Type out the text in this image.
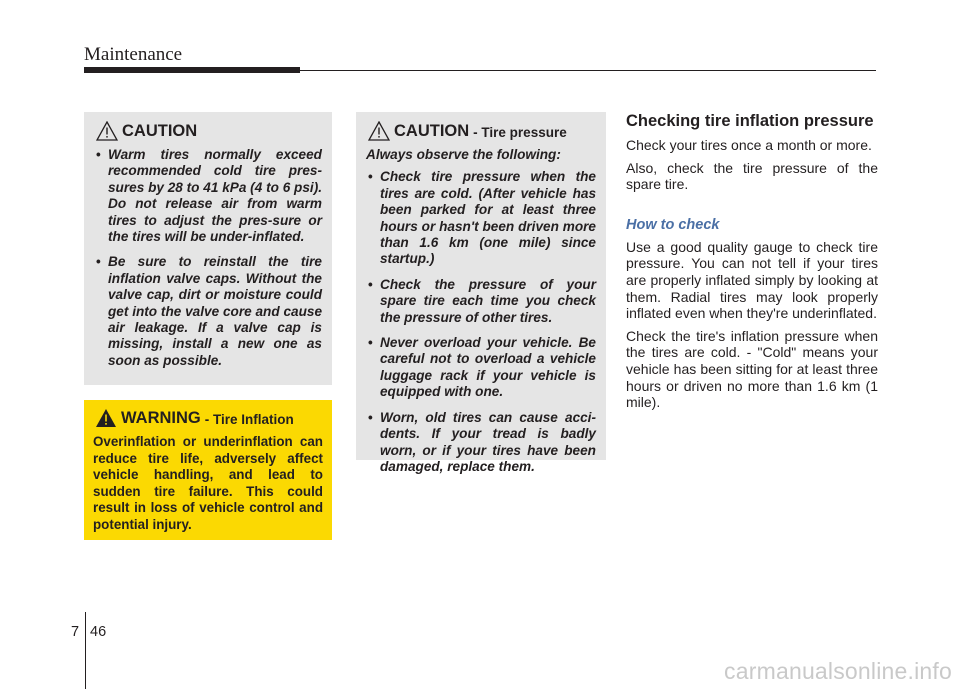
Maintenance
CAUTION
• Warm tires normally exceed recommended cold tire pres-sures by 28 to 41 kPa (4 to 6 psi). Do not release air from warm tires to adjust the pres-sure or the tires will be under-inflated.
• Be sure to reinstall the tire inflation valve caps. Without the valve cap, dirt or moisture could get into the valve core and cause air leakage. If a valve cap is missing, install a new one as soon as possible.
WARNING - Tire Inflation
Overinflation or underinflation can reduce tire life, adversely affect vehicle handling, and lead to sudden tire failure. This could result in loss of vehicle control and potential injury.
CAUTION - Tire pressure
Always observe the following:
• Check tire pressure when the tires are cold. (After vehicle has been parked for at least three hours or hasn't been driven more than 1.6 km (one mile) since startup.)
• Check the pressure of your spare tire each time you check the pressure of other tires.
• Never overload your vehicle. Be careful not to overload a vehicle luggage rack if your vehicle is equipped with one.
• Worn, old tires can cause acci-dents. If your tread is badly worn, or if your tires have been damaged, replace them.
Checking tire inflation pressure

Check your tires once a month or more.

Also, check the tire pressure of the spare tire.

How to check

Use a good quality gauge to check tire pressure. You can not tell if your tires are properly inflated simply by looking at them. Radial tires may look properly inflated even when they're underinflated.

Check the tire's inflation pressure when the tires are cold. - "Cold" means your vehicle has been sitting for at least three hours or driven no more than 1.6 km (1 mile).

7 46
carmanualsonline.info
